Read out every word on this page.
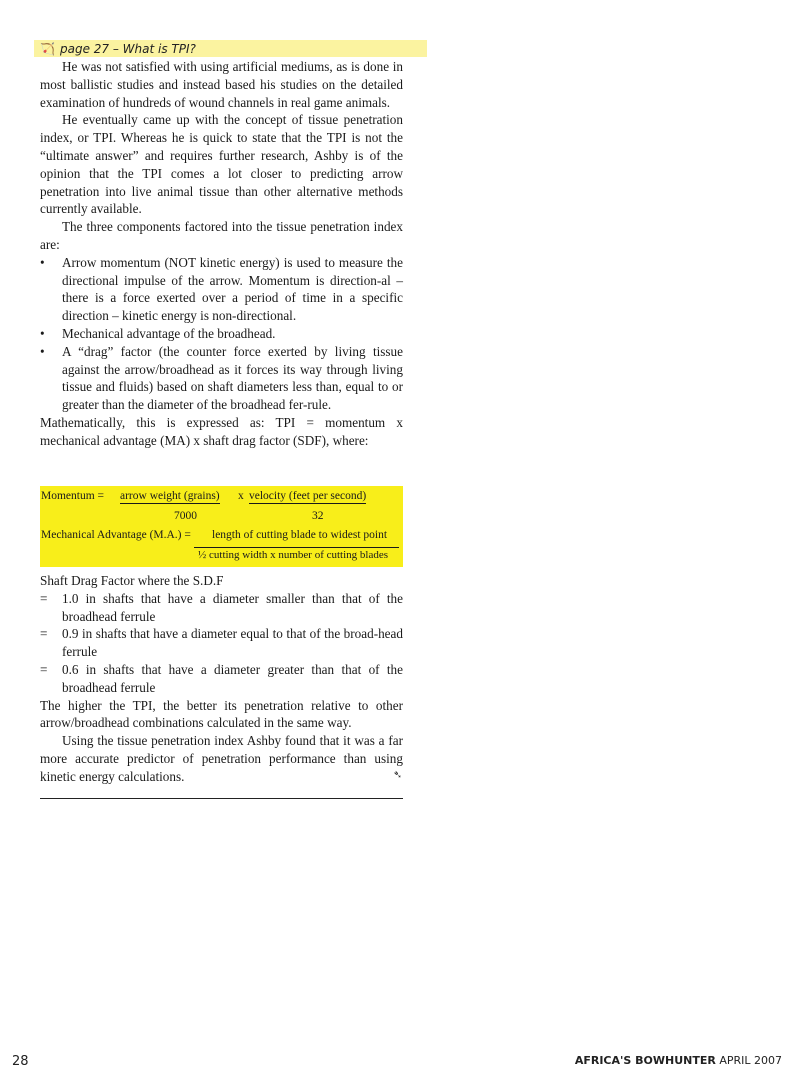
🏹 page 27 – What is TPI?

He was not satisfied with using artificial mediums, as is done in most ballistic studies and instead based his studies on the detailed examination of hundreds of wound channels in real game animals.

He eventually came up with the concept of tissue penetration index, or TPI. Whereas he is quick to state that the TPI is not the “ultimate answer” and requires further research, Ashby is of the opinion that the TPI comes a lot closer to predicting arrow penetration into live animal tissue than other alternative methods currently available.

The three components factored into the tissue penetration index are:

•	Arrow momentum (NOT kinetic energy) is used to measure the directional impulse of the arrow. Momentum is direction-al – there is a force exerted over a period of time in a specific direction – kinetic energy is non-directional.
•	Mechanical advantage of the broadhead.
•	A “drag” factor (the counter force exerted by living tissue against the arrow/broadhead as it forces its way through living tissue and fluids) based on shaft diameters less than, equal to or greater than the diameter of the broadhead fer-rule.

Mathematically, this is expressed as: TPI = momentum x mechanical advantage (MA) x shaft drag factor (SDF), where:

Momentum = arrow weight (grains) x velocity (feet per second)
7000	32
Mechanical Advantage (M.A.) = length of cutting blade to widest point
½ cutting width x number of cutting blades

Shaft Drag Factor where the S.D.F

=	1.0 in shafts that have a diameter smaller than that of the broadhead ferrule
=	0.9 in shafts that have a diameter equal to that of the broad-head ferrule
=	0.6 in shafts that have a diameter greater than that of the broadhead ferrule

The higher the TPI, the better its penetration relative to other arrow/broadhead combinations calculated in the same way.

Using the tissue penetration index Ashby found that it was a far more accurate predictor of penetration performance than using kinetic energy calculations.	➴
28	AFRICA'S BOWHUNTER APRIL 2007
